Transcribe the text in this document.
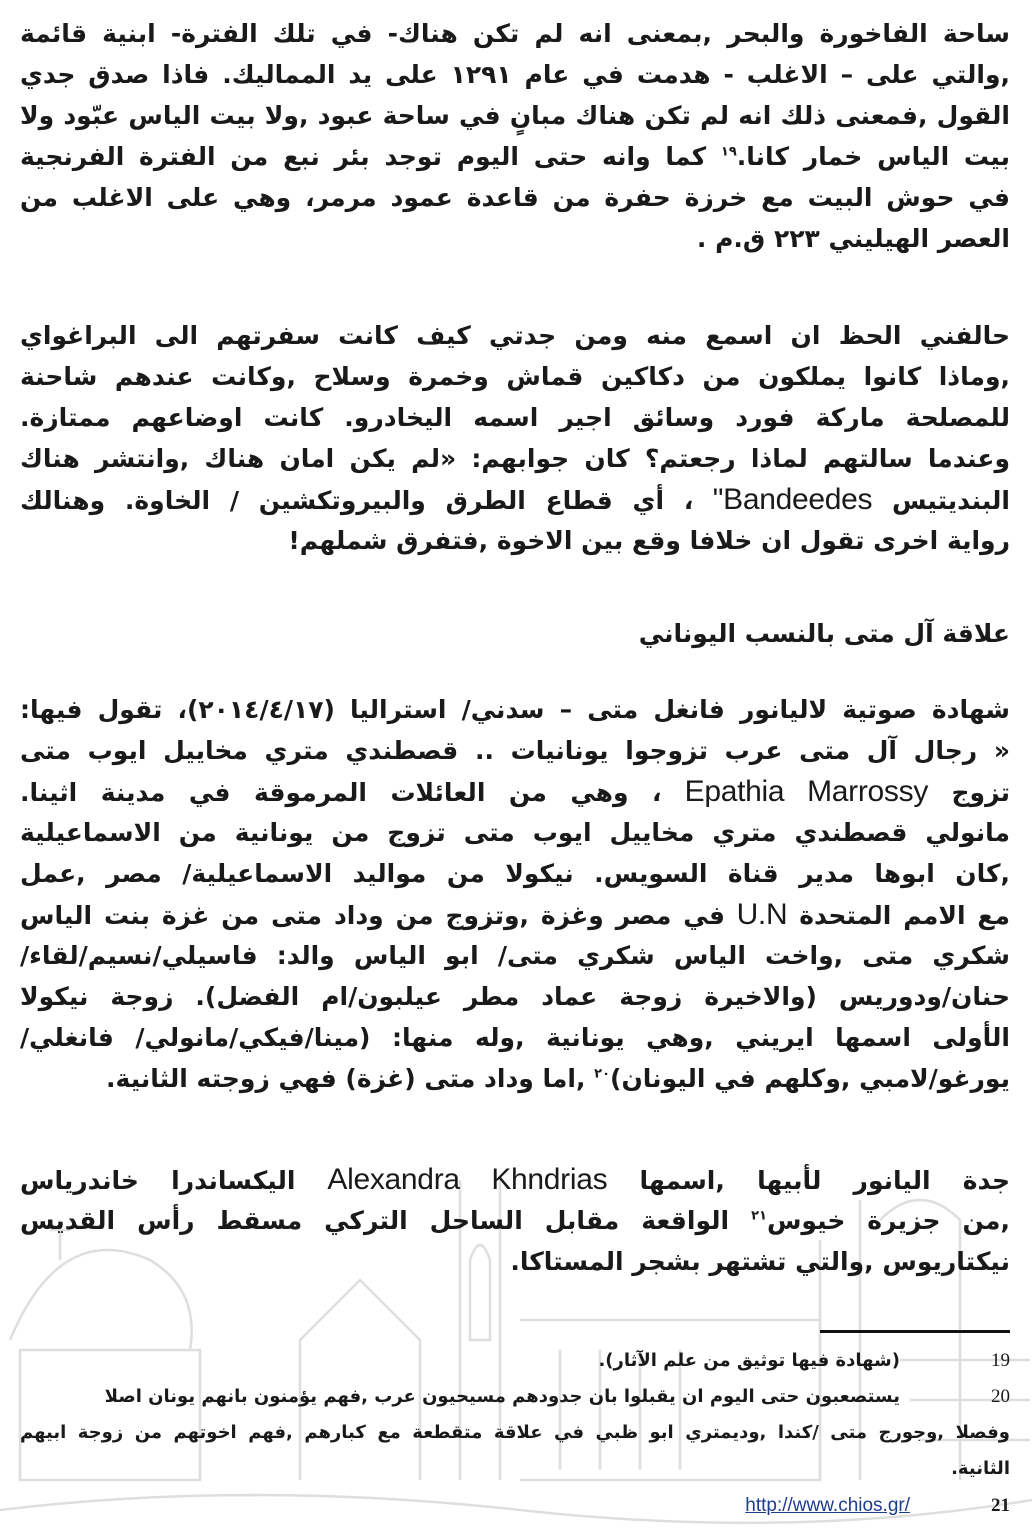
ساحة الفاخورة والبحر ,بمعنى انه لم تكن هناك- في تلك الفترة- ابنية قائمة
,والتي على – الاغلب - هدمت في عام ١٢٩١ على يد المماليك. فاذا صدق جدي
القول ,فمعنى ذلك انه لم تكن هناك مبانٍ في ساحة عبود ,ولا بيت الياس عبّود ولا
بيت الياس خمار كانا.$^{١٩}$ كما وانه حتى اليوم توجد بئر نبع من الفترة الفرنجية
في حوش البيت مع خرزة حفرة من قاعدة عمود مرمر، وهي على الاغلب من
العصر الهيليني ٢٢٣ ق.م .
حالفني الحظ ان اسمع منه ومن جدتي كيف كانت سفرتهم الى البراغواي
,وماذا كانوا يملكون من دكاكين قماش وخمرة وسلاح ,وكانت عندهم شاحنة
للمصلحة ماركة فورد وسائق اجير اسمه اليخادرو. كانت اوضاعهم ممتازة.
وعندما سالتهم لماذا رجعتم؟ كان جوابهم: «لم يكن امان هناك ,وانتشر هناك
البنديتيس Bandeedes" ، أي قطاع الطرق والبيروتكشين / الخاوة. وهنالك
رواية اخرى تقول ان خلافا وقع بين الاخوة ,فتفرق شملهم!
علاقة آل متى بالنسب اليوناني
شهادة صوتية لاليانور فانغل متى – سدني/ استراليا (٢٠١٤/٤/١٧)، تقول فيها:
« رجال آل متى عرب تزوجوا يونانيات .. قصطندي متري مخاييل ايوب متى
تزوج Epathia Marrossy ، وهي من العائلات المرموقة في مدينة اثينا.
مانولي قصطندي متري مخاييل ايوب متى تزوج من يونانية من الاسماعيلية
,كان ابوها مدير قناة السويس. نيكولا من مواليد الاسماعيلية/ مصر ,عمل
مع الامم المتحدة U.N في مصر وغزة ,وتزوج من وداد متى من غزة بنت الياس
شكري متى ,واخت الياس شكري متى/ ابو الياس والد: فاسيلي/نسيم/لقاء/
حنان/ودوريس (والاخيرة زوجة عماد مطر عيلبون/ام الفضل). زوجة نيكولا
الأولى اسمها ايريني ,وهي يونانية ,وله منها: (مينا/فيكي/مانولي/ فانغلي/
يورغو/لامبي ,وكلهم في اليونان)$^{٢٠}$ ,اما وداد متى (غزة) فهي زوجته الثانية.
جدة اليانور لأبيها ,اسمها Alexandra Khndrias اليكساندرا خاندرياس
,من جزيرة خيوس$^{٢١}$ الواقعة مقابل الساحل التركي مسقط رأس القديس
نيكتاريوس ,والتي تشتهر بشجر المستاكا.
19
(شهادة فيها توثيق من علم الآثار).
20
يستصعبون حتى اليوم ان يقبلوا بان جدودهم مسيحيون عرب ,فهم يؤمنون بانهم يونان اصلا
وفصلا ,وجورج متى /كندا ,وديمتري ابو ظبي في علاقة متقطعة مع كبارهم ,فهم اخوتهم من زوجة ابيهم
الثانية.
http://www.chios.gr/	21
